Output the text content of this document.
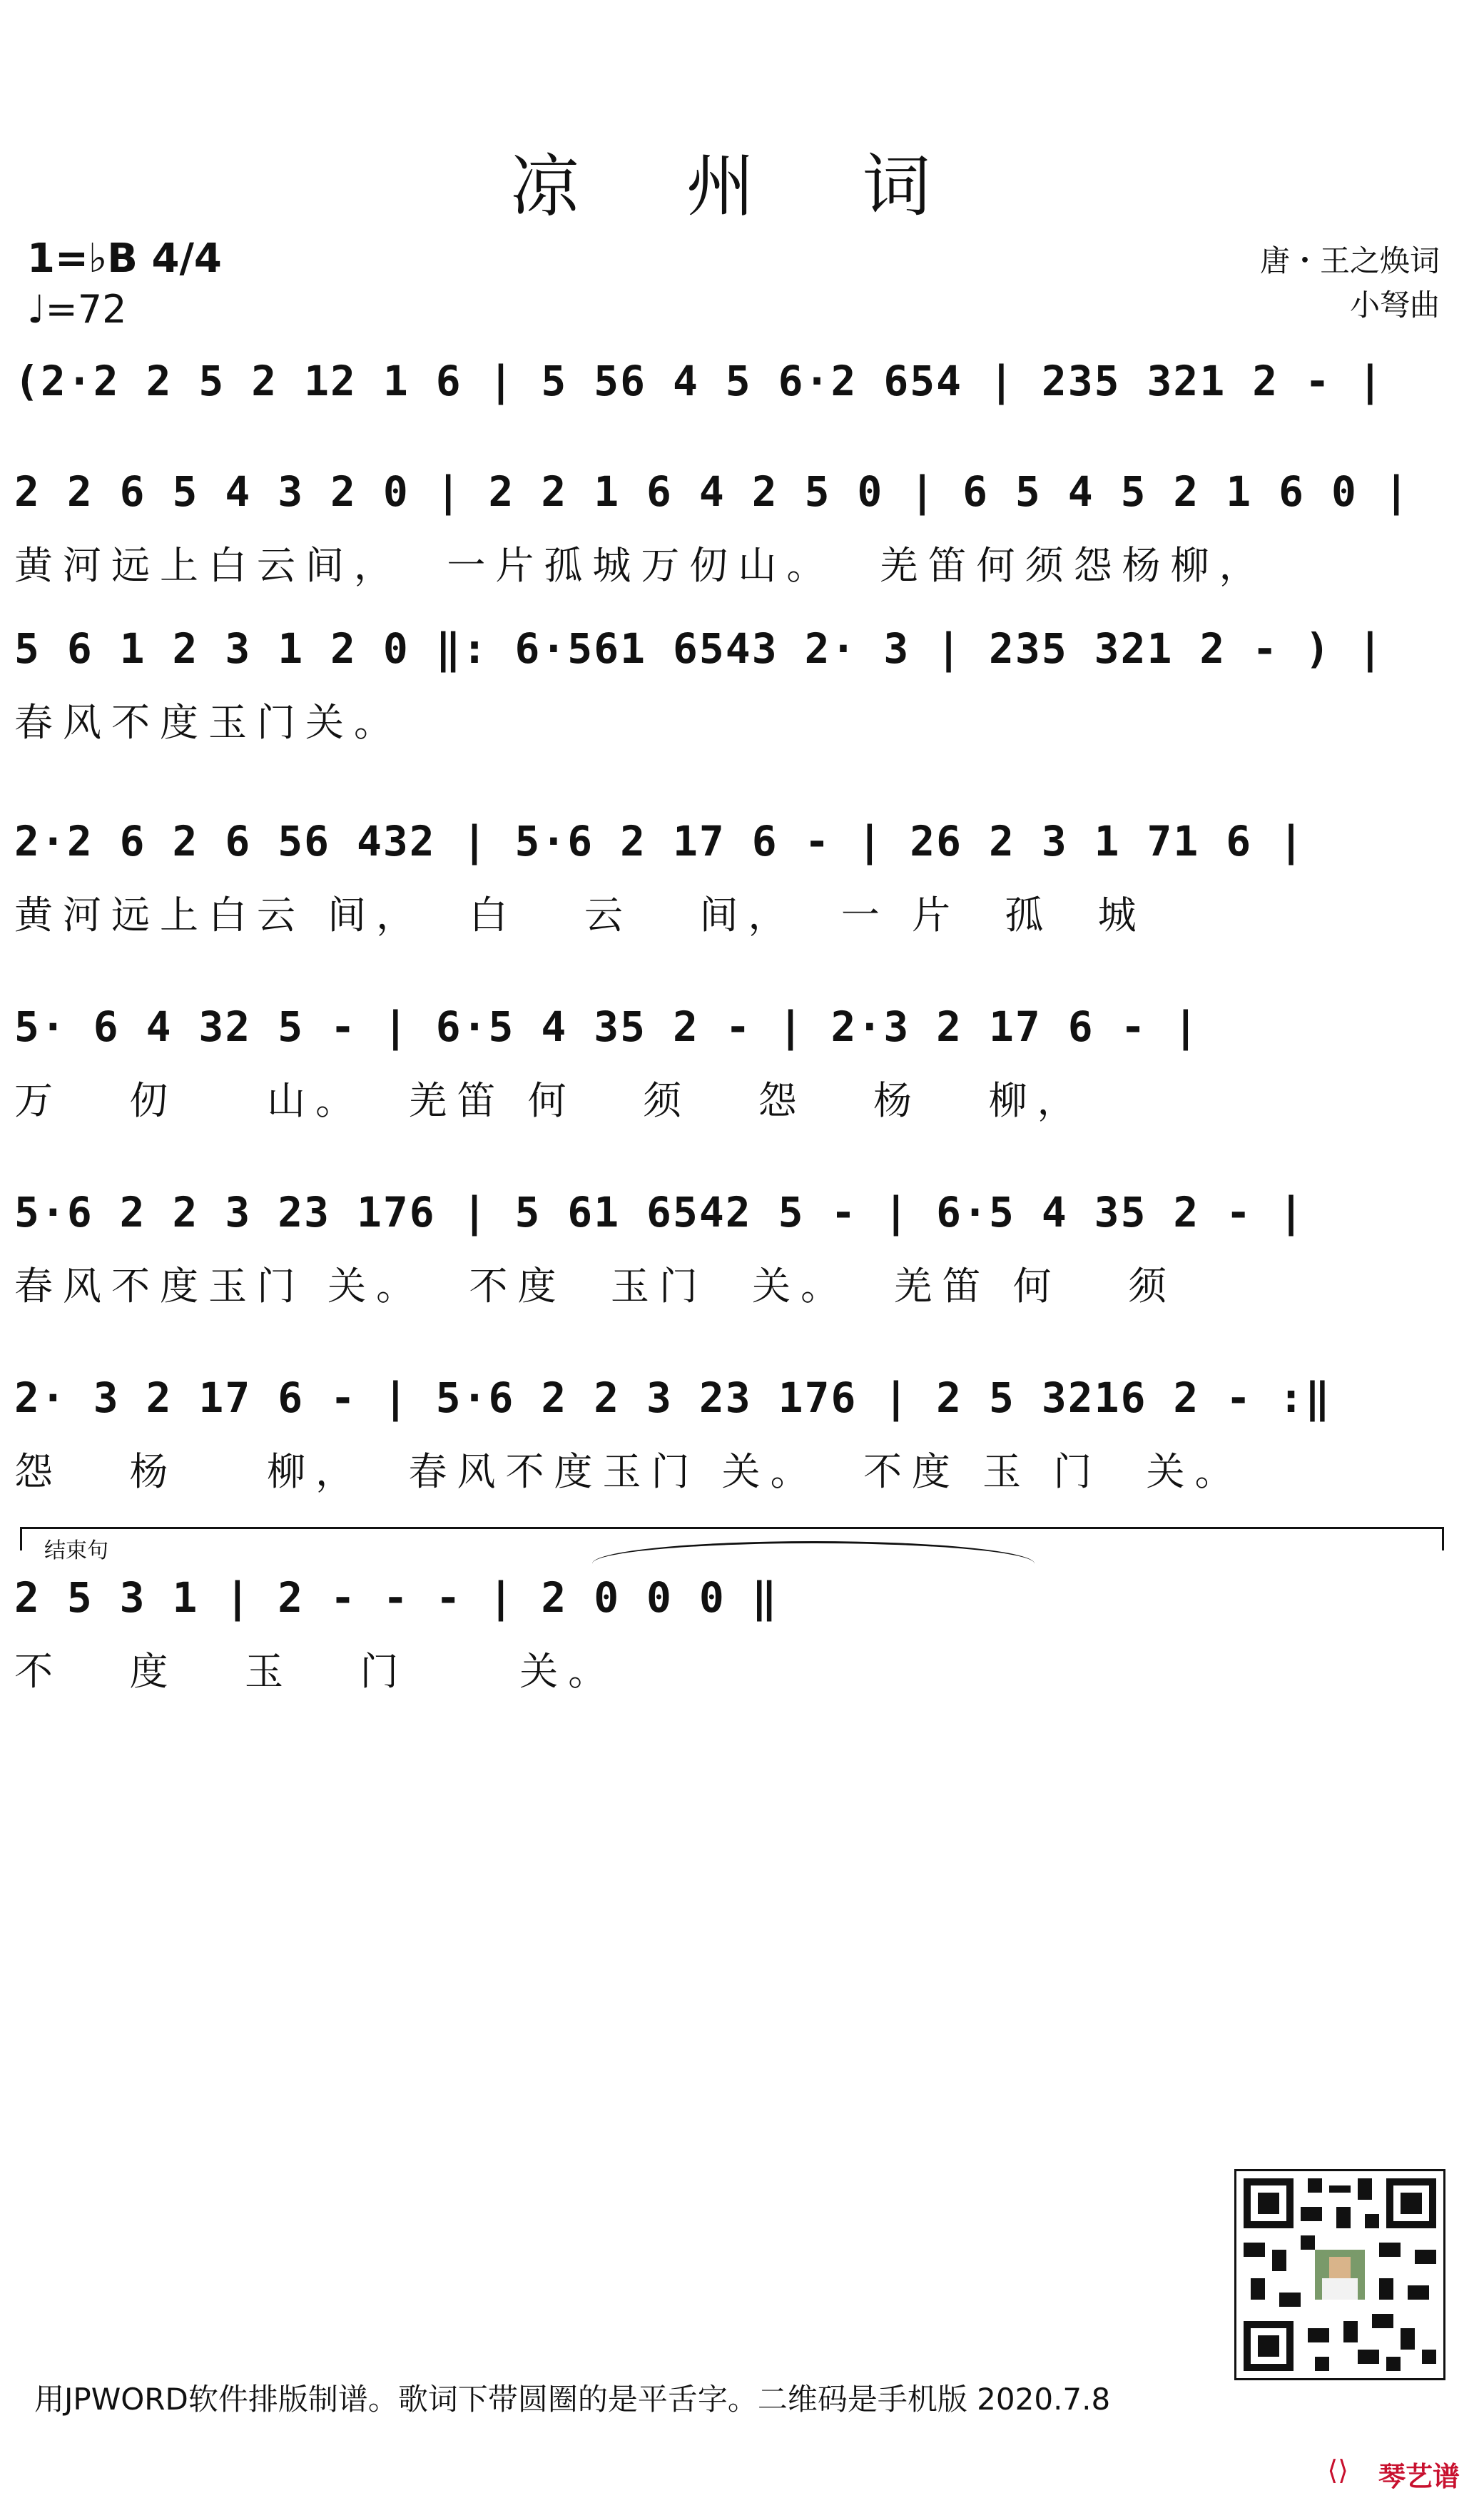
凉 州 词
1=♭B 4/4
♩=72
唐・王之焕词
小弩曲
(2·2 2 5 2 12 1 6 | 5 56 4 5 6·2 654 | 235 321 2 - |
2 2 6 5 4 3 2 0 | 2 2 1 6 4 2 5 0 | 6 5 4 5 2 1 6 0 |
黄河远上白云间，  一片孤城万仞山。  羌笛何须怨杨柳，
5 6 1 2 3 1 2 0 ‖: 6·561 6543 2· 3 | 235 321 2 - ) |
春风不度玉门关。
2·2 6 2 6 56 432 | 5·6 2 17 6 - | 26 2 3 1 71 6 |
黄河远上白云 间，  白   云   间，  一 片  孤  城
5· 6 4 32 5 - | 6·5 4 35 2 - | 2·3 2 17 6 - |
万   仞    山。  羌笛 何   须   怨   杨   柳，
5·6 2 2 3 23 176 | 5 61 6542 5 - | 6·5 4 35 2 - |
春风不度玉门 关。  不度  玉门  关。  羌笛 何   须
2· 3 2 17 6 - | 5·6 2 2 3 23 176 | 2 5 3216 2 - :‖
怨   杨    柳，  春风不度玉门 关。  不度 玉 门  关。
结束句
2 5 3 1 | 2 - - - | 2 0 0 0 ‖
不   度   玉   门     关。
用JPWORD软件排版制谱。歌词下带圆圈的是平舌字。二维码是手机版 2020.7.8
⟨⟩ 琴艺谱
